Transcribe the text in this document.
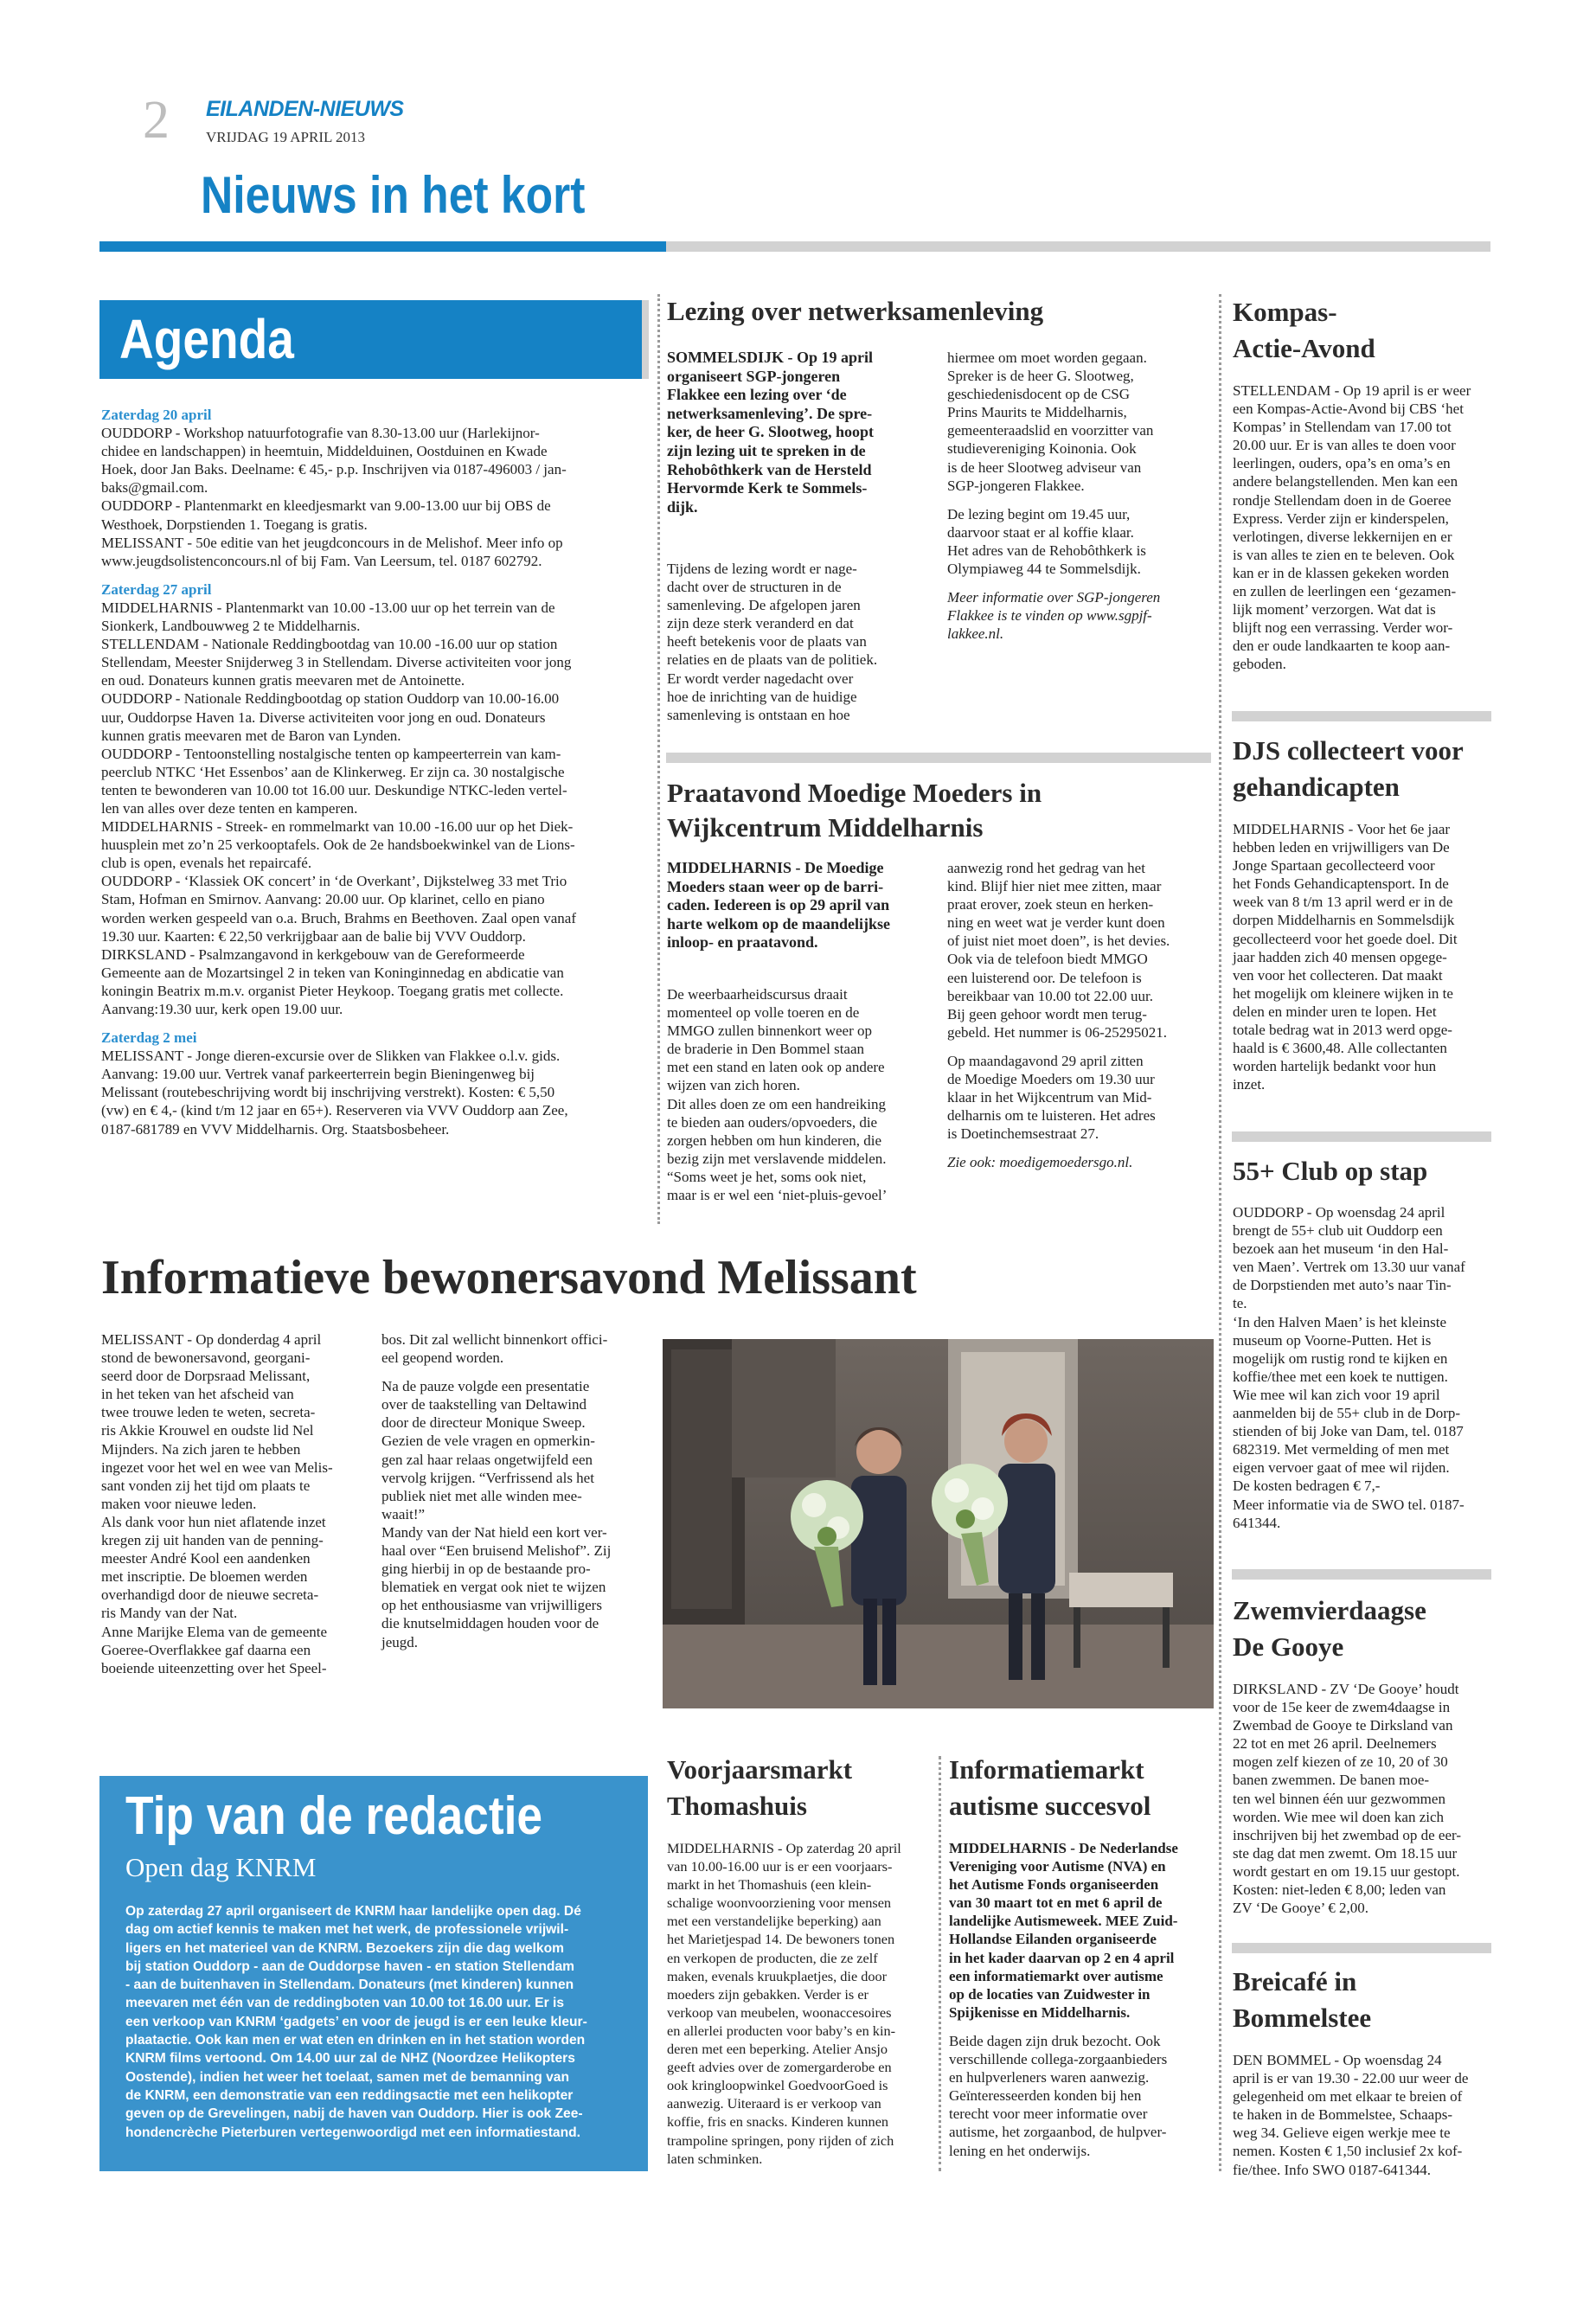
2 EILANDEN-NIEUWS
VRIJDAG 19 APRIL 2013
Nieuws in het kort
Agenda

Zaterdag 20 april

OUDDORP - Workshop natuurfotografie van 8.30-13.00 uur (Harlekijnor-
chidee en landschappen) in heemtuin, Middelduinen, Oostduinen en Kwade
Hoek, door Jan Baks. Deelname: € 45,- p.p. Inschrijven via 0187-496003 / jan-
baks@gmail.com.
OUDDORP - Plantenmarkt en kleedjesmarkt van 9.00-13.00 uur bij OBS de
Westhoek, Dorpstienden 1. Toegang is gratis.
MELISSANT - 50e editie van het jeugdconcours in de Melishof. Meer info op
www.jeugdsolistenconcours.nl of bij Fam. Van Leersum, tel. 0187 602792.

Zaterdag 27 april

MIDDELHARNIS - Plantenmarkt van 10.00 -13.00 uur op het terrein van de
Sionkerk, Landbouwweg 2 te Middelharnis.
STELLENDAM - Nationale Reddingbootdag van 10.00 -16.00 uur op station
Stellendam, Meester Snijderweg 3 in Stellendam. Diverse activiteiten voor jong
en oud. Donateurs kunnen gratis meevaren met de Antoinette.
OUDDORP - Nationale Reddingbootdag op station Ouddorp van 10.00-16.00
uur, Ouddorpse Haven 1a. Diverse activiteiten voor jong en oud. Donateurs
kunnen gratis meevaren met de Baron van Lynden.
OUDDORP - Tentoonstelling nostalgische tenten op kampeerterrein van kam-
peerclub NTKC ‘Het Essenbos’ aan de Klinkerweg. Er zijn ca. 30 nostalgische
tenten te bewonderen van 10.00 tot 16.00 uur. Deskundige NTKC-leden vertel-
len van alles over deze tenten en kamperen.
MIDDELHARNIS - Streek- en rommelmarkt van 10.00 -16.00 uur op het Diek-
huusplein met zo’n 25 verkooptafels. Ook de 2e handsboekwinkel van de Lions-
club is open, evenals het repaircafé.
OUDDORP - ‘Klassiek OK concert’ in ‘de Overkant’, Dijkstelweg 33 met Trio
Stam, Hofman en Smirnov. Aanvang: 20.00 uur. Op klarinet, cello en piano
worden werken gespeeld van o.a. Bruch, Brahms en Beethoven. Zaal open vanaf
19.30 uur. Kaarten: € 22,50 verkrijgbaar aan de balie bij VVV Ouddorp.
DIRKSLAND - Psalmzangavond in kerkgebouw van de Gereformeerde
Gemeente aan de Mozartsingel 2 in teken van Koninginnedag en abdicatie van
koningin Beatrix m.m.v. organist Pieter Heykoop. Toegang gratis met collecte.
Aanvang:19.30 uur, kerk open 19.00 uur.

Zaterdag 2 mei

MELISSANT - Jonge dieren-excursie over de Slikken van Flakkee o.l.v. gids.
Aanvang: 19.00 uur. Vertrek vanaf parkeerterrein begin Bieningenweg bij
Melissant (routebeschrijving wordt bij inschrijving verstrekt). Kosten: € 5,50
(vw) en € 4,- (kind t/m 12 jaar en 65+). Reserveren via VVV Ouddorp aan Zee,
0187-681789 en VVV Middelharnis. Org. Staatsbosbeheer.

Lezing over netwerksamenleving
SOMMELSDIJK - Op 19 april
organiseert SGP-jongeren
Flakkee een lezing over ‘de
netwerksamenleving’. De spre-
ker, de heer G. Slootweg, hoopt
zijn lezing uit te spreken in de
Rehobôthkerk van de Hersteld
Hervormde Kerk te Sommels-
dijk.
Tijdens de lezing wordt er nage-
dacht over de structuren in de
samenleving. De afgelopen jaren
zijn deze sterk veranderd en dat
heeft betekenis voor de plaats van
relaties en de plaats van de politiek.
Er wordt verder nagedacht over
hoe de inrichting van de huidige
samenleving is ontstaan en hoe

hiermee om moet worden gegaan.
Spreker is de heer G. Slootweg,
geschiedenisdocent op de CSG
Prins Maurits te Middelharnis,
gemeenteraadslid en voorzitter van
studievereniging Koinonia. Ook
is de heer Slootweg adviseur van
SGP-jongeren Flakkee.

De lezing begint om 19.45 uur,
daarvoor staat er al koffie klaar.
Het adres van de Rehobôthkerk is
Olympiaweg 44 te Sommelsdijk.

Meer informatie over SGP-jongeren
Flakkee is te vinden op www.sgpjf-
lakkee.nl.

Praatavond Moedige Moeders in
Wijkcentrum Middelharnis
MIDDELHARNIS - De Moedige
Moeders staan weer op de barri-
caden. Iedereen is op 29 april van
harte welkom op de maandelijkse
inloop- en praatavond.
De weerbaarheidscursus draait
momenteel op volle toeren en de
MMGO zullen binnenkort weer op
de braderie in Den Bommel staan
met een stand en laten ook op andere
wijzen van zich horen.
Dit alles doen ze om een handreiking
te bieden aan ouders/opvoeders, die
zorgen hebben om hun kinderen, die
bezig zijn met verslavende middelen.
“Soms weet je het, soms ook niet,
maar is er wel een ‘niet-pluis-gevoel’

aanwezig rond het gedrag van het
kind. Blijf hier niet mee zitten, maar
praat erover, zoek steun en herken-
ning en weet wat je verder kunt doen
of juist niet moet doen”, is het devies.
Ook via de telefoon biedt MMGO
een luisterend oor. De telefoon is
bereikbaar van 10.00 tot 22.00 uur.
Bij geen gehoor wordt men terug-
gebeld. Het nummer is 06-25295021.

Op maandagavond 29 april zitten
de Moedige Moeders om 19.30 uur
klaar in het Wijkcentrum van Mid-
delharnis om te luisteren. Het adres
is Doetinchemsestraat 27.

Zie ook: moedigemoedersgo.nl.

Kompas-
Actie-Avond
STELLENDAM - Op 19 april is er weer
een Kompas-Actie-Avond bij CBS ‘het
Kompas’ in Stellendam van 17.00 tot
20.00 uur. Er is van alles te doen voor
leerlingen, ouders, opa’s en oma’s en
andere belangstellenden. Men kan een
rondje Stellendam doen in de Goeree
Express. Verder zijn er kinderspelen,
verlotingen, diverse lekkernijen en er
is van alles te zien en te beleven. Ook
kan er in de klassen gekeken worden
en zullen de leerlingen een ‘gezamen-
lijk moment’ verzorgen. Wat dat is
blijft nog een verrassing. Verder wor-
den er oude landkaarten te koop aan-
geboden.
DJS collecteert voor
gehandicapten
MIDDELHARNIS - Voor het 6e jaar
hebben leden en vrijwilligers van De
Jonge Spartaan gecollecteerd voor
het Fonds Gehandicaptensport. In de
week van 8 t/m 13 april werd er in de
dorpen Middelharnis en Sommelsdijk
gecollecteerd voor het goede doel. Dit
jaar hadden zich 40 mensen opgege-
ven voor het collecteren. Dat maakt
het mogelijk om kleinere wijken in te
delen en minder uren te lopen. Het
totale bedrag wat in 2013 werd opge-
haald is € 3600,48. Alle collectanten
worden hartelijk bedankt voor hun
inzet.
55+ Club op stap
OUDDORP - Op woensdag 24 april
brengt de 55+ club uit Ouddorp een
bezoek aan het museum ‘in den Hal-
ven Maen’. Vertrek om 13.30 uur vanaf
de Dorpstienden met auto’s naar Tin-
te.
‘In den Halven Maen’ is het kleinste
museum op Voorne-Putten. Het is
mogelijk om rustig rond te kijken en
koffie/thee met een koek te nuttigen.
Wie mee wil kan zich voor 19 april
aanmelden bij de 55+ club in de Dorp-
stienden of bij Joke van Dam, tel. 0187
682319. Met vermelding of men met
eigen vervoer gaat of mee wil rijden.
De kosten bedragen € 7,-
Meer informatie via de SWO tel. 0187-
641344.
Zwemvierdaagse
De Gooye
DIRKSLAND - ZV ‘De Gooye’ houdt
voor de 15e keer de zwem4daagse in
Zwembad de Gooye te Dirksland van
22 tot en met 26 april. Deelnemers
mogen zelf kiezen of ze 10, 20 of 30
banen zwemmen. De banen moe-
ten wel binnen één uur gezwommen
worden. Wie mee wil doen kan zich
inschrijven bij het zwembad op de eer-
ste dag dat men zwemt. Om 18.15 uur
wordt gestart en om 19.15 uur gestopt.
Kosten: niet-leden € 8,00; leden van
ZV ‘De Gooye’ € 2,00.
Breicafé in
Bommelstee
DEN BOMMEL - Op woensdag 24
april is er van 19.30 - 22.00 uur weer de
gelegenheid om met elkaar te breien of
te haken in de Bommelstee, Schaaps-
weg 34. Gelieve eigen werkje mee te
nemen. Kosten € 1,50 inclusief 2x kof-
fie/thee. Info SWO 0187-641344.
Informatieve bewonersavond Melissant
MELISSANT - Op donderdag 4 april
stond de bewonersavond, georgani-
seerd door de Dorpsraad Melissant,
in het teken van het afscheid van
twee trouwe leden te weten, secreta-
ris Akkie Krouwel en oudste lid Nel
Mijnders. Na zich jaren te hebben
ingezet voor het wel en wee van Melis-
sant vonden zij het tijd om plaats te
maken voor nieuwe leden.
Als dank voor hun niet aflatende inzet
kregen zij uit handen van de penning-
meester André Kool een aandenken
met inscriptie. De bloemen werden
overhandigd door de nieuwe secreta-
ris Mandy van der Nat.
Anne Marijke Elema van de gemeente
Goeree-Overflakkee gaf daarna een
boeiende uiteenzetting over het Speel-

bos. Dit zal wellicht binnenkort offici-
eel geopend worden.

Na de pauze volgde een presentatie
over de taakstelling van Deltawind
door de directeur Monique Sweep.
Gezien de vele vragen en opmerkin-
gen zal haar relaas ongetwijfeld een
vervolg krijgen. “Verfrissend als het
publiek niet met alle winden mee-
waait!”
Mandy van der Nat hield een kort ver-
haal over “Een bruisend Melishof”. Zij
ging hierbij in op de bestaande pro-
blematiek en vergat ook niet te wijzen
op het enthousiasme van vrijwilligers
die knutselmiddagen houden voor de
jeugd.

Tip van de redactie
Open dag KNRM
Op zaterdag 27 april organiseert de KNRM haar landelijke open dag. Dé
dag om actief kennis te maken met het werk, de professionele vrijwil-
ligers en het materieel van de KNRM. Bezoekers zijn die dag welkom
bij station Ouddorp - aan de Ouddorpse haven - en station Stellendam
- aan de buitenhaven in Stellendam. Donateurs (met kinderen) kunnen
meevaren met één van de reddingboten van 10.00 tot 16.00 uur. Er is
een verkoop van KNRM ‘gadgets’ en voor de jeugd is er een leuke kleur-
plaatactie. Ook kan men er wat eten en drinken en in het station worden
KNRM films vertoond. Om 14.00 uur zal de NHZ (Noordzee Helikopters
Oostende), indien het weer het toelaat, samen met de bemanning van
de KNRM, een demonstratie van een reddingsactie met een helikopter
geven op de Grevelingen, nabij de haven van Ouddorp. Hier is ook Zee-
hondencrèche Pieterburen vertegenwoordigd met een informatiestand.
Voorjaarsmarkt
Thomashuis
MIDDELHARNIS - Op zaterdag 20 april
van 10.00-16.00 uur is er een voorjaars-
markt in het Thomashuis (een klein-
schalige woonvoorziening voor mensen
met een verstandelijke beperking) aan
het Marietjespad 14. De bewoners tonen
en verkopen de producten, die ze zelf
maken, evenals kruukplaetjes, die door
moeders zijn gebakken. Verder is er
verkoop van meubelen, woonaccesoires
en allerlei producten voor baby’s en kin-
deren met een beperking. Atelier Ansjo
geeft advies over de zomergarderobe en
ook kringloopwinkel GoedvoorGoed is
aanwezig. Uiteraard is er verkoop van
koffie, fris en snacks. Kinderen kunnen
trampoline springen, pony rijden of zich
laten schminken.
Informatiemarkt
autisme succesvol
MIDDELHARNIS - De Nederlandse
Vereniging voor Autisme (NVA) en
het Autisme Fonds organiseerden
van 30 maart tot en met 6 april de
landelijke Autismeweek. MEE Zuid-
Hollandse Eilanden organiseerde
in het kader daarvan op 2 en 4 april
een informatiemarkt over autisme
op de locaties van Zuidwester in
Spijkenisse en Middelharnis.
Beide dagen zijn druk bezocht. Ook
verschillende collega-zorgaanbieders
en hulpverleners waren aanwezig.
Geïnteresseerden konden bij hen
terecht voor meer informatie over
autisme, het zorgaanbod, de hulpver-
lening en het onderwijs.
